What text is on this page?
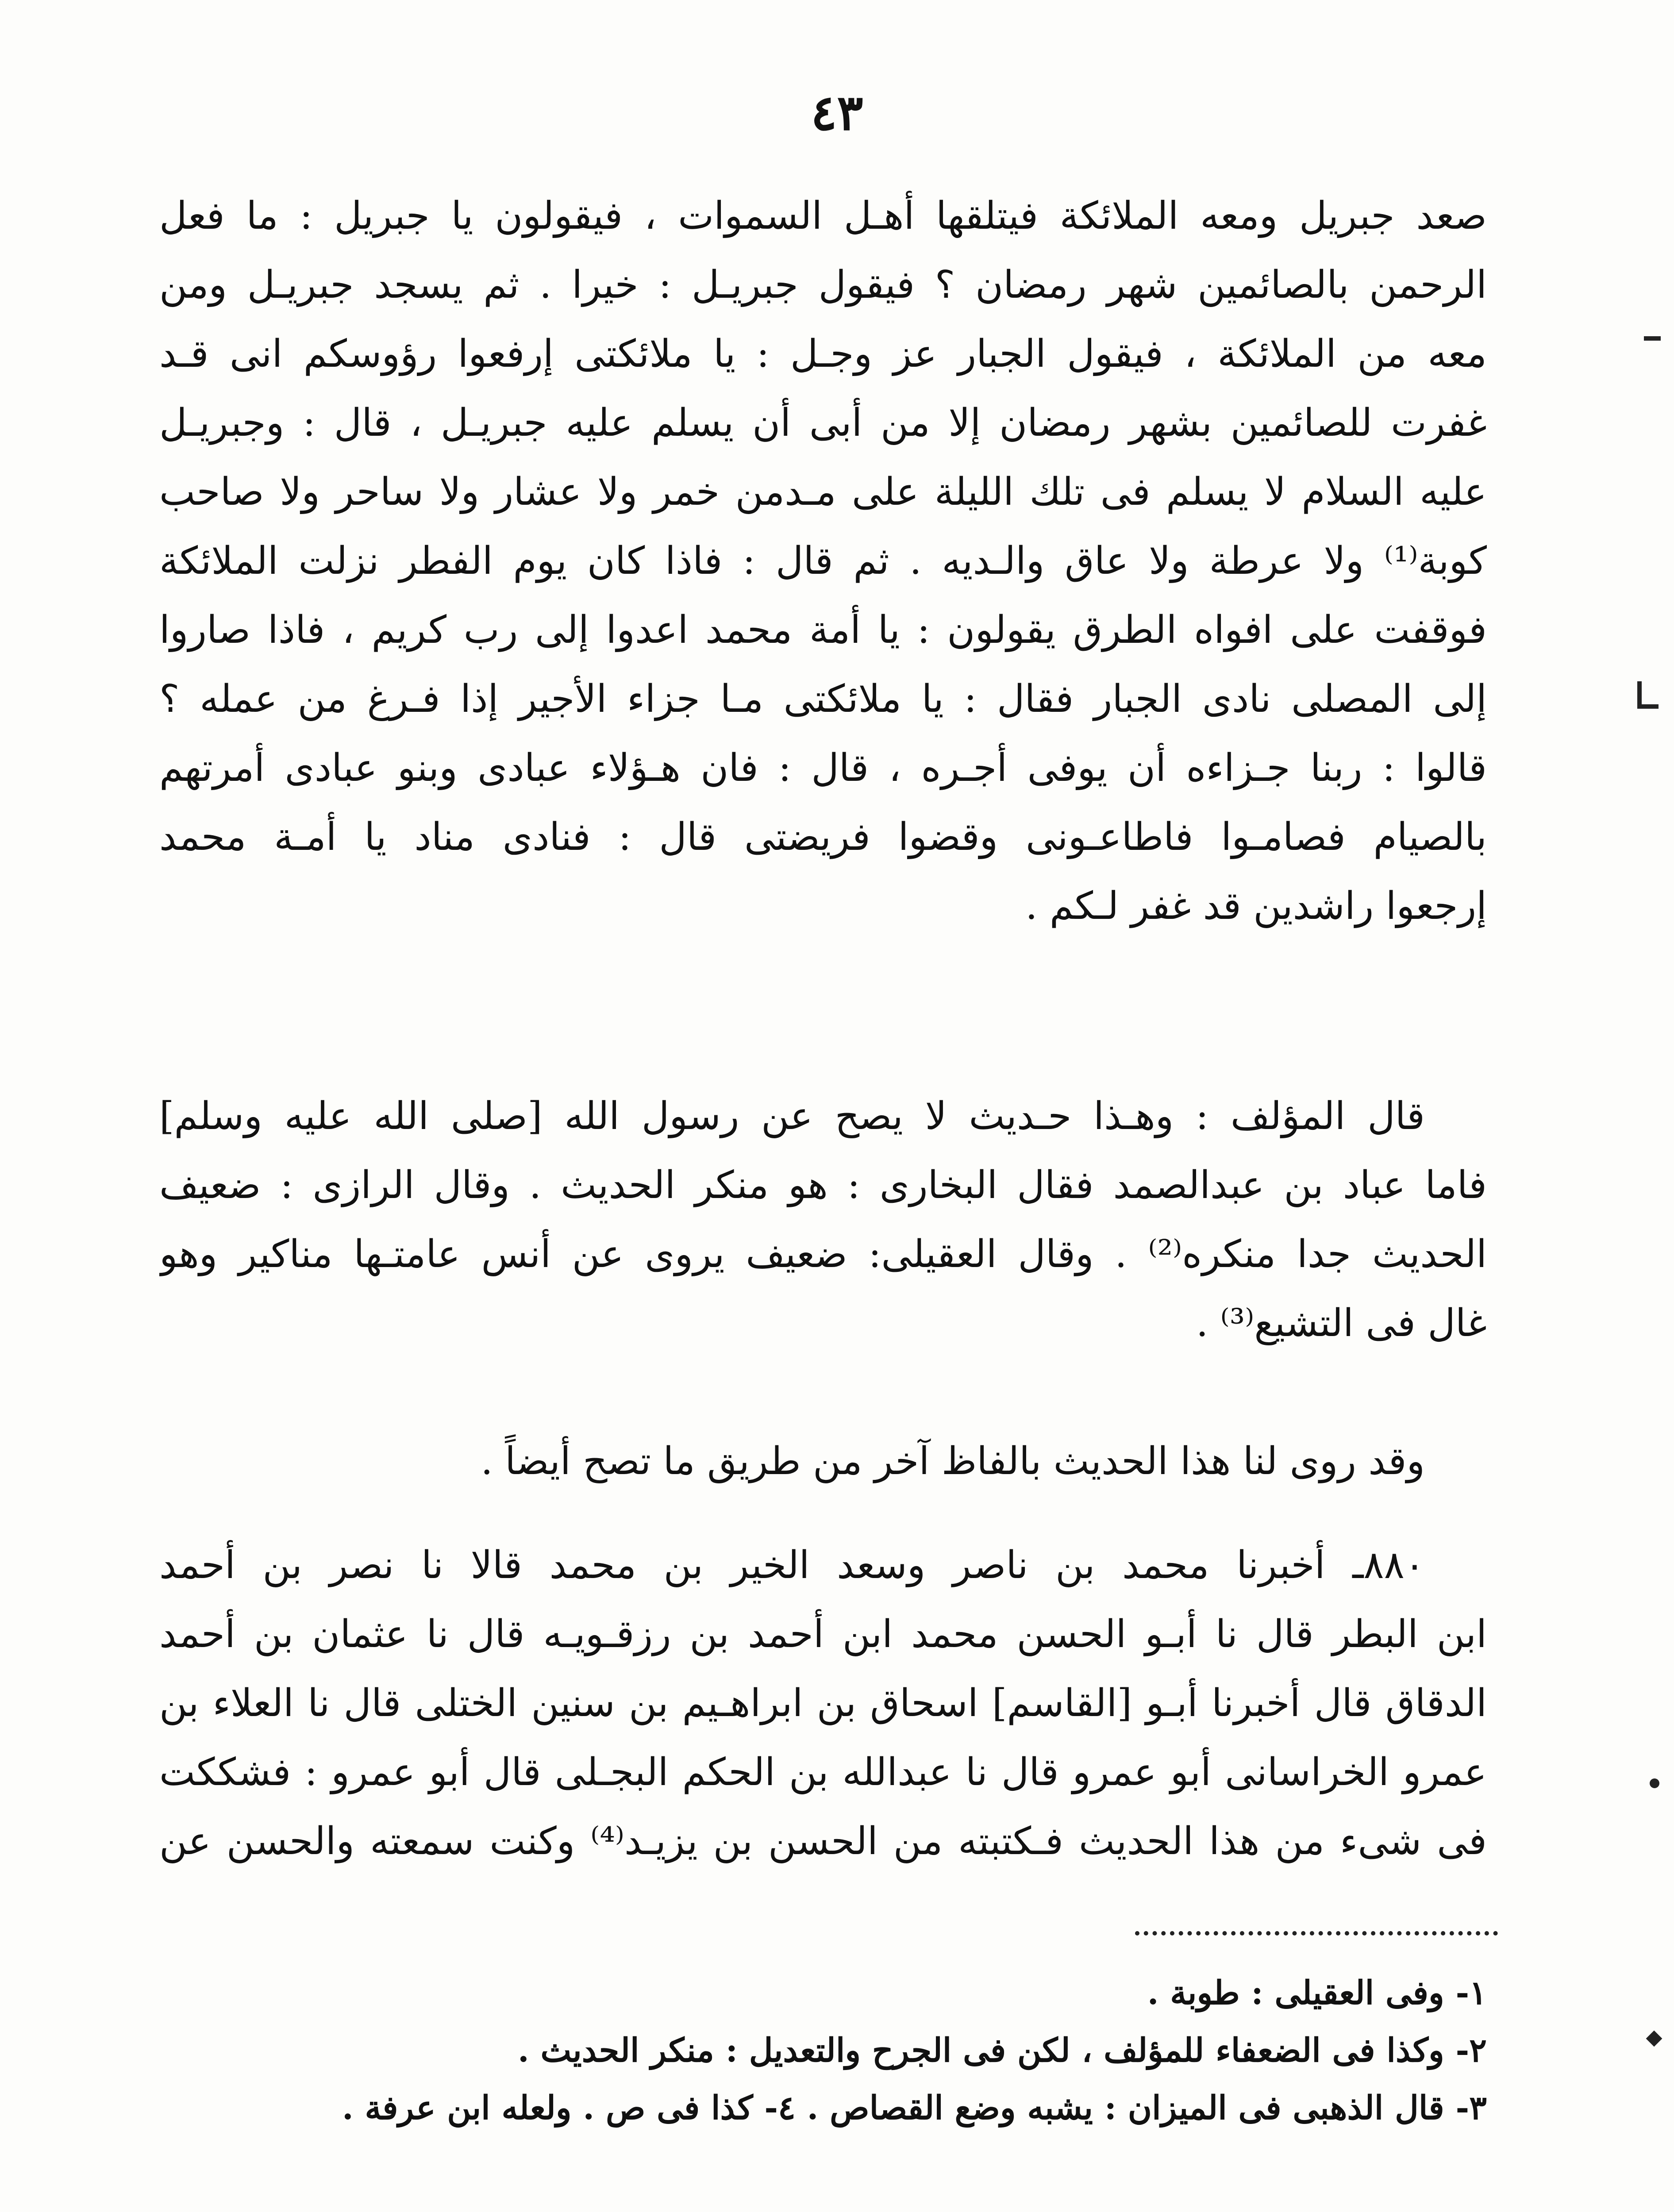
٤٣
صعد جبريل ومعه الملائكة فيتلقها أهـل السموات ، فيقولون يا جبريل : ما فعل
الرحمن بالصائمين شهر رمضان ؟ فيقول جبريـل : خيرا . ثم يسجد جبريـل ومن
معه من الملائكة ، فيقول الجبار عز وجـل : يا ملائكتى إرفعوا رؤوسكم انى قـد
غفرت للصائمين بشهر رمضان إلا من أبى أن يسلم عليه جبريـل ، قال : وجبريـل
عليه السلام لا يسلم فى تلك الليلة على مـدمن خمر ولا عشار ولا ساحر ولا صاحب
كوبة⁽¹⁾ ولا عرطة ولا عاق والـديه . ثم قال : فاذا كان يوم الفطر نزلت الملائكة
فوقفت على افواه الطرق يقولون : يا أمة محمد اعدوا إلى رب كريم ، فاذا صاروا
إلى المصلى نادى الجبار فقال : يا ملائكتى مـا جزاء الأجير إذا فـرغ من عمله ؟
قالوا : ربنا جـزاءه أن يوفى أجـره ، قال : فان هـؤلاء عبادى وبنو عبادى أمرتهم
بالصيام فصامـوا فاطاعـونى وقضوا فريضتى قال : فنادى مناد يا أمـة محمد
إرجعوا راشدين قد غفر لـكم .
قال المؤلف : وهـذا حـديث لا يصح عن رسول الله [صلى الله عليه وسلم]
فاما عباد بن عبدالصمد فقال البخارى : هو منكر الحديث . وقال الرازى : ضعيف
الحديث جدا منكره⁽²⁾ . وقال العقيلى: ضعيف يروى عن أنس عامتـها مناكير وهو
غال فى التشيع⁽³⁾ .
وقد روى لنا هذا الحديث بالفاظ آخر من طريق ما تصح أيضاً .
٨٨٠ـ أخبرنا محمد بن ناصر وسعد الخير بن محمد قالا نا نصر بن أحمد
ابن البطر قال نا أبـو الحسن محمد ابن أحمد بن رزقـويـه قال نا عثمان بن أحمد
الدقاق قال أخبرنا أبـو [القاسم] اسحاق بن ابراهـيم بن سنين الختلى قال نا العلاء بن
عمرو الخراسانى أبو عمرو قال نا عبدالله بن الحكم البجـلى قال أبو عمرو : فشككت
فى شىء من هذا الحديث فـكتبته من الحسن بن يزيـد⁽⁴⁾ وكنت سمعته والحسن عن
١- وفى العقيلى : طوبة .
٢- وكذا فى الضعفاء للمؤلف ، لكن فى الجرح والتعديل : منكر الحديث .
٣- قال الذهبى فى الميزان : يشبه وضع القصاص . ٤- كذا فى ص . ولعله ابن عرفة .
